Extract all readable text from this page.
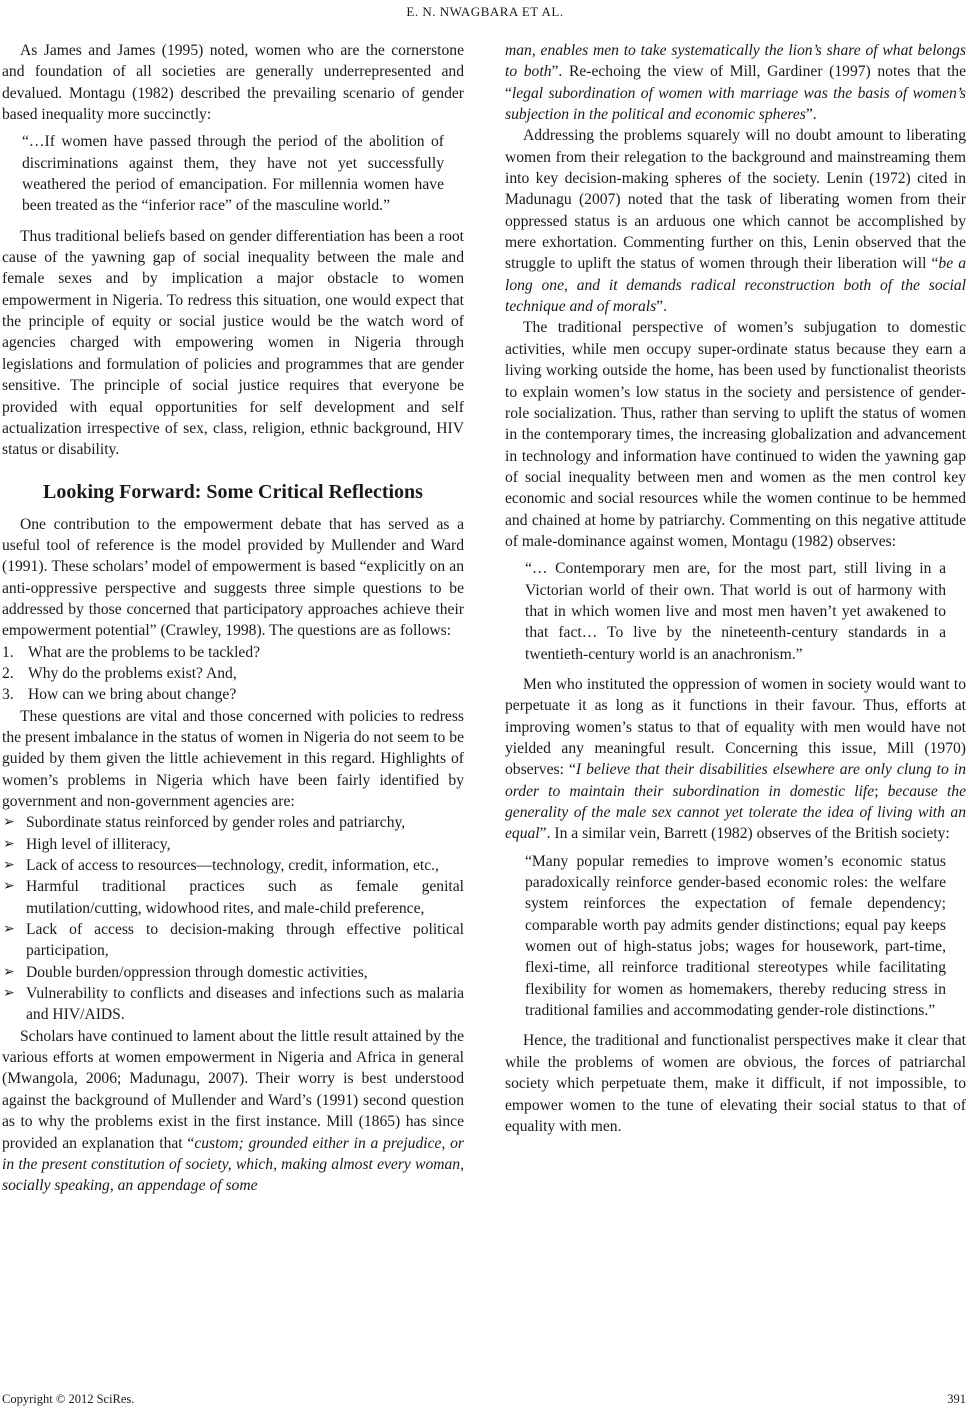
E. N. NWAGBARA ET AL.

As James and James (1995) noted, women who are the cornerstone and foundation of all societies are generally underrepresented and devalued. Montagu (1982) described the prevailing scenario of gender based inequality more succinctly:

“…If women have passed through the period of the abolition of discriminations against them, they have not yet successfully weathered the period of emancipation. For millennia women have been treated as the “inferior race” of the masculine world.”

Thus traditional beliefs based on gender differentiation has been a root cause of the yawning gap of social inequality between the male and female sexes and by implication a major obstacle to women empowerment in Nigeria. To redress this situation, one would expect that the principle of equity or social justice would be the watch word of agencies charged with empowering women in Nigeria through legislations and formulation of policies and programmes that are gender sensitive. The principle of social justice requires that everyone be provided with equal opportunities for self development and self actualization irrespective of sex, class, religion, ethnic background, HIV status or disability.

Looking Forward: Some Critical Reflections

One contribution to the empowerment debate that has served as a useful tool of reference is the model provided by Mullender and Ward (1991). These scholars’ model of empowerment is based “explicitly on an anti-oppressive perspective and suggests three simple questions to be addressed by those concerned that participatory approaches achieve their empowerment potential” (Crawley, 1998). The questions are as follows:

1. What are the problems to be tackled?
2. Why do the problems exist? And,
3. How can we bring about change?

These questions are vital and those concerned with policies to redress the present imbalance in the status of women in Nigeria do not seem to be guided by them given the little achievement in this regard. Highlights of women’s problems in Nigeria which have been fairly identified by government and non-government agencies are:

➢ Subordinate status reinforced by gender roles and patriarchy,
➢ High level of illiteracy,
➢ Lack of access to resources—technology, credit, information, etc.,
➢ Harmful traditional practices such as female genital mutilation/cutting, widowhood rites, and male-child preference,
➢ Lack of access to decision-making through effective political participation,
➢ Double burden/oppression through domestic activities,
➢ Vulnerability to conflicts and diseases and infections such as malaria and HIV/AIDS.

Scholars have continued to lament about the little result attained by the various efforts at women empowerment in Nigeria and Africa in general (Mwangola, 2006; Madunagu, 2007). Their worry is best understood against the background of Mullender and Ward’s (1991) second question as to why the problems exist in the first instance. Mill (1865) has since provided an explanation that “custom; grounded either in a prejudice, or in the present constitution of society, which, making almost every woman, socially speaking, an appendage of some

man, enables men to take systematically the lion’s share of what belongs to both”. Re-echoing the view of Mill, Gardiner (1997) notes that the “legal subordination of women with marriage was the basis of women’s subjection in the political and economic spheres”.

Addressing the problems squarely will no doubt amount to liberating women from their relegation to the background and mainstreaming them into key decision-making spheres of the society. Lenin (1972) cited in Madunagu (2007) noted that the task of liberating women from their oppressed status is an arduous one which cannot be accomplished by mere exhortation. Commenting further on this, Lenin observed that the struggle to uplift the status of women through their liberation will “be a long one, and it demands radical reconstruction both of the social technique and of morals”.

The traditional perspective of women’s subjugation to domestic activities, while men occupy super-ordinate status because they earn a living working outside the home, has been used by functionalist theorists to explain women’s low status in the society and persistence of gender-role socialization. Thus, rather than serving to uplift the status of women in the contemporary times, the increasing globalization and advancement in technology and information have continued to widen the yawning gap of social inequality between men and women as the men control key economic and social resources while the women continue to be hemmed and chained at home by patriarchy. Commenting on this negative attitude of male-dominance against women, Montagu (1982) observes:

“… Contemporary men are, for the most part, still living in a Victorian world of their own. That world is out of harmony with that in which women live and most men haven’t yet awakened to that fact… To live by the nineteenth-century standards in a twentieth-century world is an anachronism.”

Men who instituted the oppression of women in society would want to perpetuate it as long as it functions in their favour. Thus, efforts at improving women’s status to that of equality with men would have not yielded any meaningful result. Concerning this issue, Mill (1970) observes: “I believe that their disabilities elsewhere are only clung to in order to maintain their subordination in domestic life; because the generality of the male sex cannot yet tolerate the idea of living with an equal”. In a similar vein, Barrett (1982) observes of the British society:

“Many popular remedies to improve women’s economic status paradoxically reinforce gender-based economic roles: the welfare system reinforces the expectation of female dependency; comparable worth pay admits gender distinctions; equal pay keeps women out of high-status jobs; wages for housework, part-time, flexi-time, all reinforce traditional stereotypes while facilitating flexibility for women as homemakers, thereby reducing stress in traditional families and accommodating gender-role distinctions.”

Hence, the traditional and functionalist perspectives make it clear that while the problems of women are obvious, the forces of patriarchal society which perpetuate them, make it difficult, if not impossible, to empower women to the tune of elevating their social status to that of equality with men.

Copyright © 2012 SciRes.	391
